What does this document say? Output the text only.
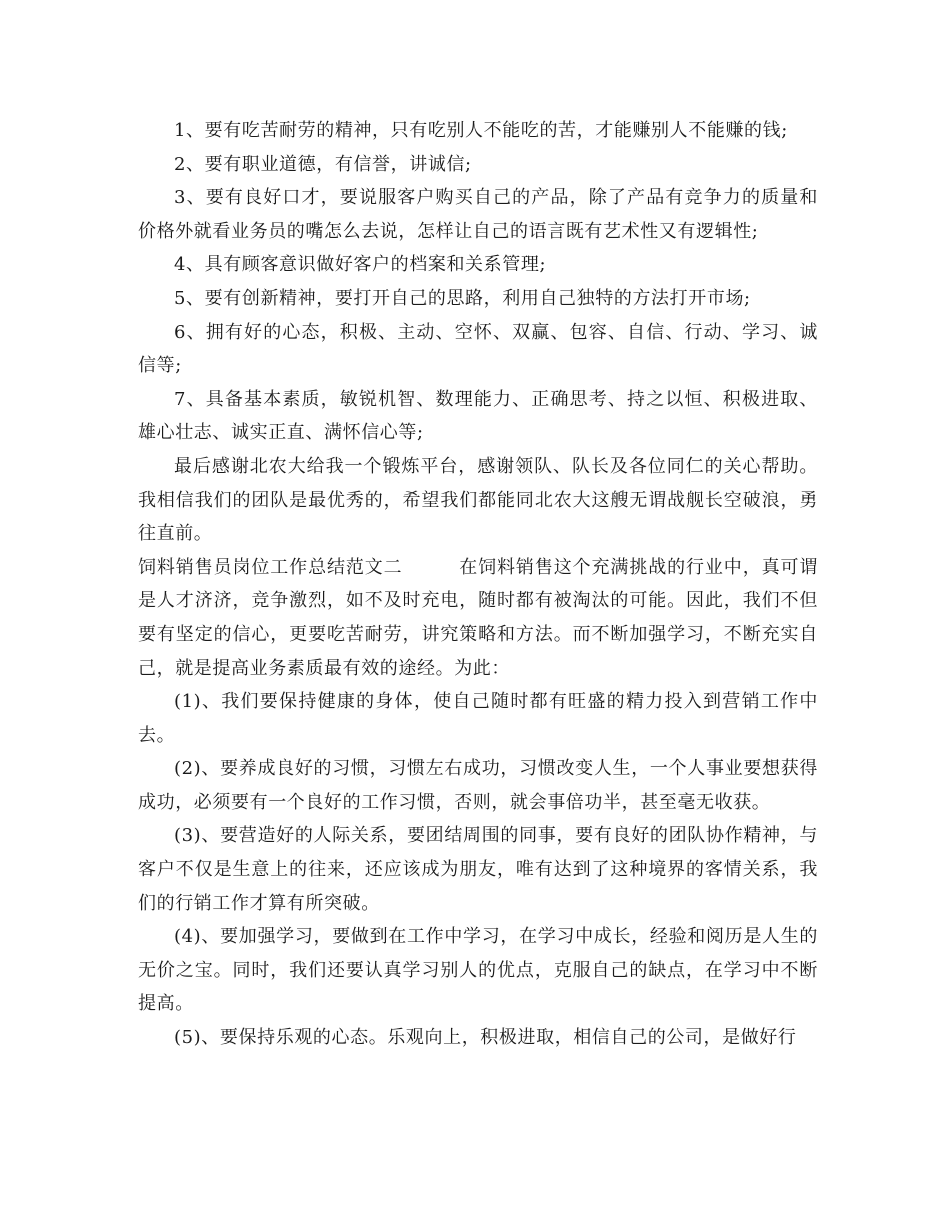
1、要有吃苦耐劳的精神，只有吃别人不能吃的苦，才能赚别人不能赚的钱;

2、要有职业道德，有信誉，讲诚信;

3、要有良好口才，要说服客户购买自己的产品，除了产品有竞争力的质量和价格外就看业务员的嘴怎么去说，怎样让自己的语言既有艺术性又有逻辑性;

4、具有顾客意识做好客户的档案和关系管理;

5、要有创新精神，要打开自己的思路，利用自己独特的方法打开市场;

6、拥有好的心态，积极、主动、空怀、双赢、包容、自信、行动、学习、诚信等;

7、具备基本素质，敏锐机智、数理能力、正确思考、持之以恒、积极进取、雄心壮志、诚实正直、满怀信心等;

最后感谢北农大给我一个锻炼平台，感谢领队、队长及各位同仁的关心帮助。我相信我们的团队是最优秀的，希望我们都能同北农大这艘无谓战舰长空破浪，勇往直前。

饲料销售员岗位工作总结范文二　　　在饲料销售这个充满挑战的行业中，真可谓是人才济济，竞争激烈，如不及时充电，随时都有被淘汰的可能。因此，我们不但要有坚定的信心，更要吃苦耐劳，讲究策略和方法。而不断加强学习，不断充实自己，就是提高业务素质最有效的途经。为此：

(1)、我们要保持健康的身体，使自己随时都有旺盛的精力投入到营销工作中去。

(2)、要养成良好的习惯，习惯左右成功，习惯改变人生，一个人事业要想获得成功，必须要有一个良好的工作习惯，否则，就会事倍功半，甚至毫无收获。

(3)、要营造好的人际关系，要团结周围的同事，要有良好的团队协作精神，与客户不仅是生意上的往来，还应该成为朋友，唯有达到了这种境界的客情关系，我们的行销工作才算有所突破。

(4)、要加强学习，要做到在工作中学习，在学习中成长，经验和阅历是人生的无价之宝。同时，我们还要认真学习别人的优点，克服自己的缺点，在学习中不断提高。

(5)、要保持乐观的心态。乐观向上，积极进取，相信自己的公司，是做好行
